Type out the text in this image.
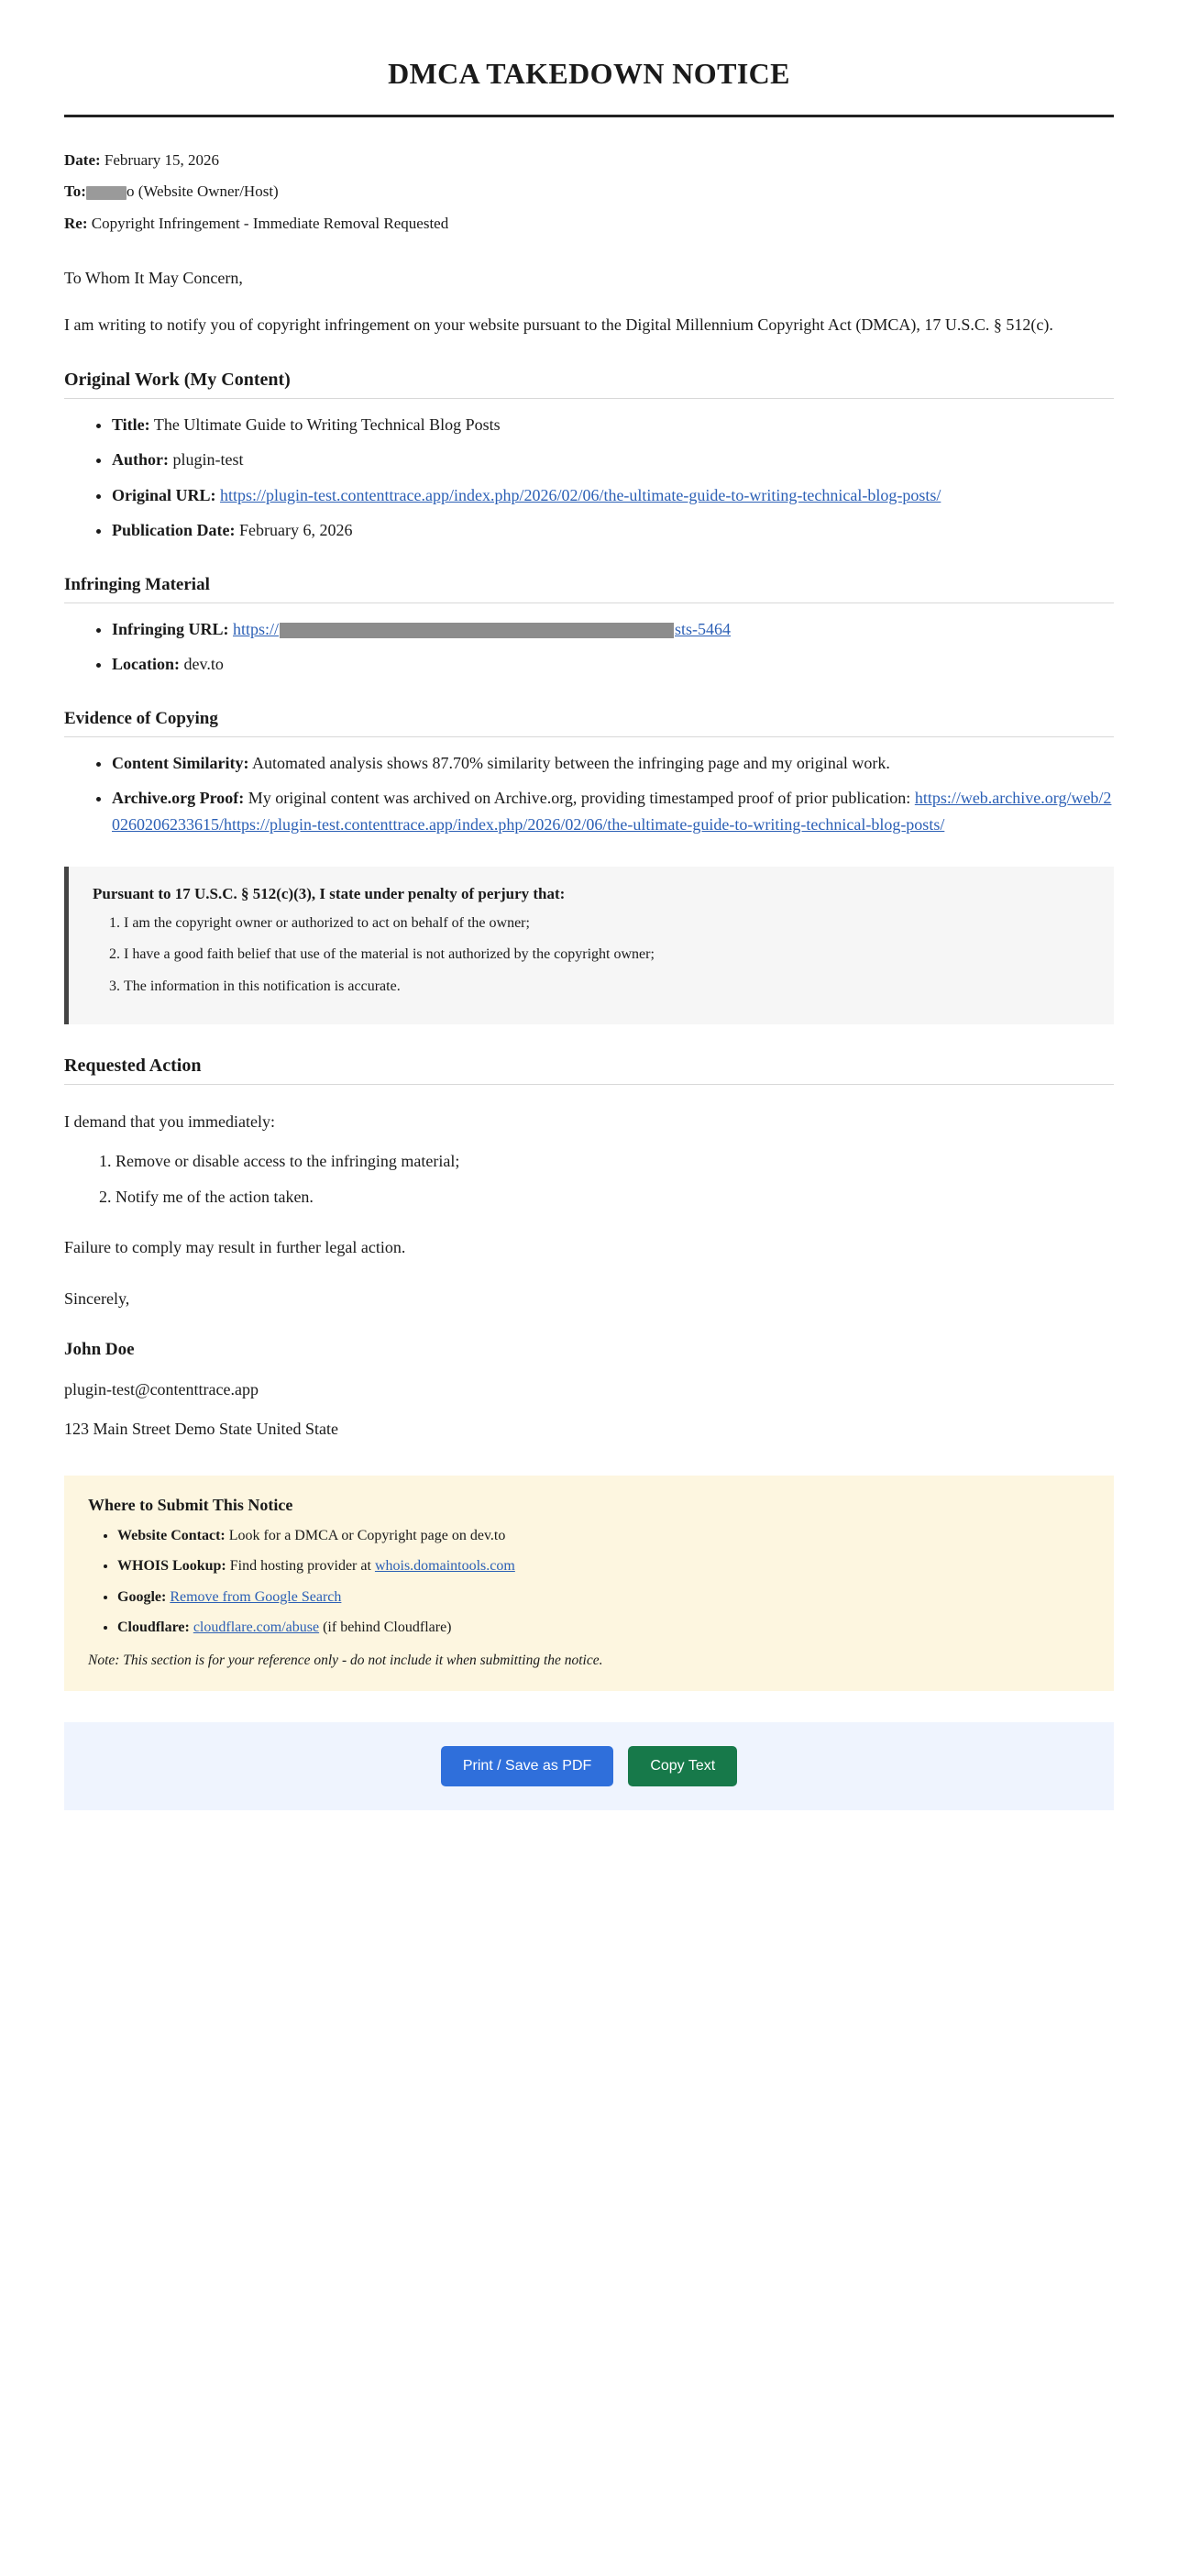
DMCA TAKEDOWN NOTICE
Date: February 15, 2026
To:	o (Website Owner/Host)
Re: Copyright Infringement - Immediate Removal Requested

To Whom It May Concern,

I am writing to notify you of copyright infringement on your website pursuant to the Digital Millennium Copyright Act (DMCA), 17 U.S.C. § 512(c).

Original Work (My Content)
• Title: The Ultimate Guide to Writing Technical Blog Posts
• Author: plugin-test
• Original URL: https://plugin-test.contenttrace.app/index.php/2026/02/06/the-ultimate-guide-to-writing-technical-blog-posts/
• Publication Date: February 6, 2026
Infringing Material
• Infringing URL: https://	sts-5464
• Location: dev.to
Evidence of Copying
• Content Similarity: Automated analysis shows 87.70% similarity between the infringing page and my original work.
• Archive.org Proof: My original content was archived on Archive.org, providing timestamped proof of prior publication: https://web.archive.org/web/20260206233615/https://plugin-test.contenttrace.app/index.php/2026/02/06/the-ultimate-guide-to-writing-technical-blog-posts/
Pursuant to 17 U.S.C. § 512(c)(3), I state under penalty of perjury that:
1. I am the copyright owner or authorized to act on behalf of the owner;
2. I have a good faith belief that use of the material is not authorized by the copyright owner;
3. The information in this notification is accurate.
Requested Action

I demand that you immediately:

1. Remove or disable access to the infringing material;
2. Notify me of the action taken.

Failure to comply may result in further legal action.

Sincerely,

John Doe

plugin-test@contenttrace.app

123 Main Street Demo State United State

Where to Submit This Notice
• Website Contact: Look for a DMCA or Copyright page on dev.to
• WHOIS Lookup: Find hosting provider at whois.domaintools.com
• Google: Remove from Google Search
• Cloudflare: cloudflare.com/abuse (if behind Cloudflare)

Note: This section is for your reference only - do not include it when submitting the notice.

Print / Save as PDF	Copy Text
